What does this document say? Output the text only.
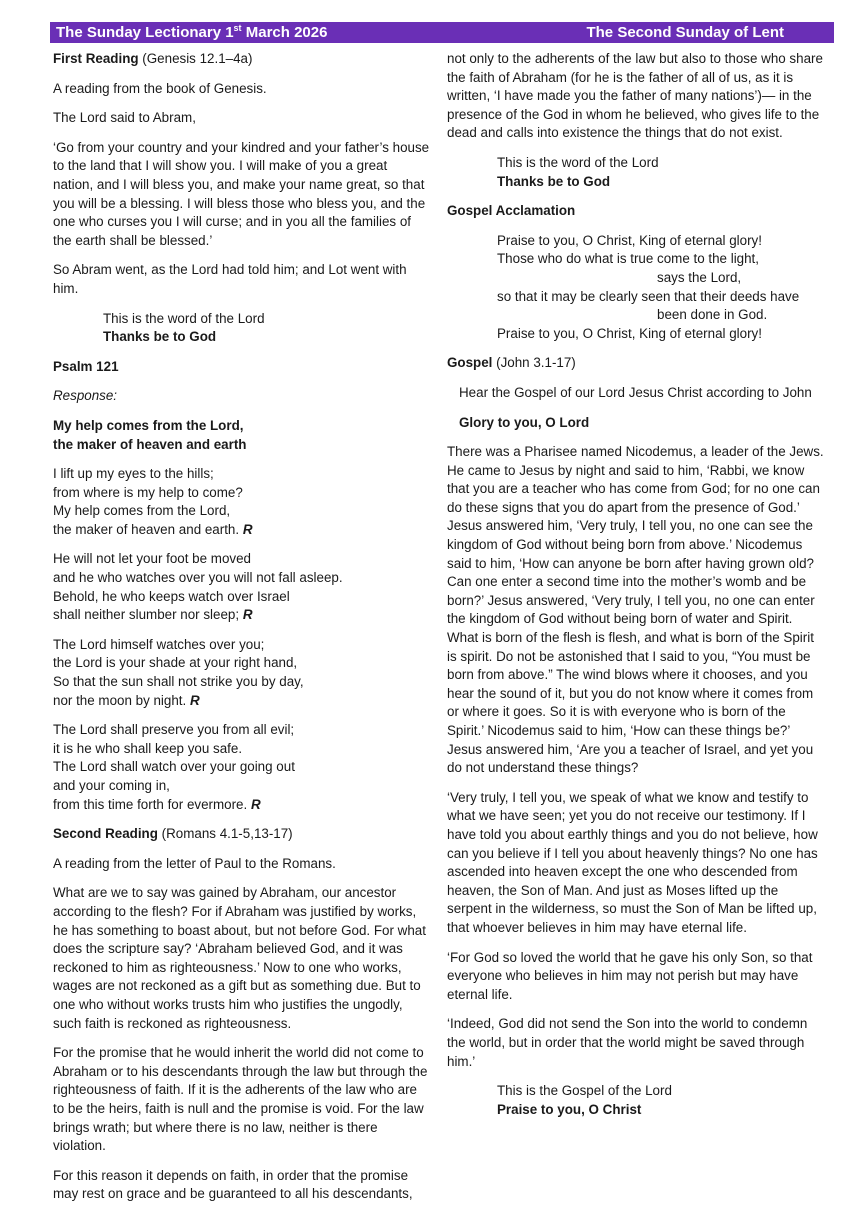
The Sunday Lectionary 1st March 2026	The Second Sunday of Lent

First Reading (Genesis 12.1–4a)

A reading from the book of Genesis.

The Lord said to Abram,

‘Go from your country and your kindred and your father’s house to the land that I will show you. I will make of you a great nation, and I will bless you, and make your name great, so that you will be a blessing. I will bless those who bless you, and the one who curses you I will curse; and in you all the families of the earth shall be blessed.’

So Abram went, as the Lord had told him; and Lot went with him.

This is the word of the Lord
Thanks be to God

Psalm 121

Response:

My help comes from the Lord,
the maker of heaven and earth

I lift up my eyes to the hills;
from where is my help to come?
My help comes from the Lord,
the maker of heaven and earth. R

He will not let your foot be moved
and he who watches over you will not fall asleep.
Behold, he who keeps watch over Israel
shall neither slumber nor sleep; R

The Lord himself watches over you;
the Lord is your shade at your right hand,
So that the sun shall not strike you by day,
nor the moon by night. R

The Lord shall preserve you from all evil;
it is he who shall keep you safe.
The Lord shall watch over your going out
and your coming in,
from this time forth for evermore. R

Second Reading (Romans 4.1-5,13-17)

A reading from the letter of Paul to the Romans.

What are we to say was gained by Abraham, our ancestor according to the flesh? For if Abraham was justified by works, he has something to boast about, but not before God. For what does the scripture say? ‘Abraham believed God, and it was reckoned to him as righteousness.’ Now to one who works, wages are not reckoned as a gift but as something due. But to one who without works trusts him who justifies the ungodly, such faith is reckoned as righteousness.

For the promise that he would inherit the world did not come to Abraham or to his descendants through the law but through the righteousness of faith. If it is the adherents of the law who are to be the heirs, faith is null and the promise is void. For the law brings wrath; but where there is no law, neither is there violation.

For this reason it depends on faith, in order that the promise may rest on grace and be guaranteed to all his descendants,

not only to the adherents of the law but also to those who share the faith of Abraham (for he is the father of all of us, as it is written, ‘I have made you the father of many nations’)— in the presence of the God in whom he believed, who gives life to the dead and calls into existence the things that do not exist.

This is the word of the Lord
Thanks be to God

Gospel Acclamation

Praise to you, O Christ, King of eternal glory!
Those who do what is true come to the light,
says the Lord,
so that it may be clearly seen that their deeds have
been done in God.
Praise to you, O Christ, King of eternal glory!

Gospel (John 3.1-17)

Hear the Gospel of our Lord Jesus Christ according to John

Glory to you, O Lord

There was a Pharisee named Nicodemus, a leader of the Jews. He came to Jesus by night and said to him, ‘Rabbi, we know that you are a teacher who has come from God; for no one can do these signs that you do apart from the presence of God.’ Jesus answered him, ‘Very truly, I tell you, no one can see the kingdom of God without being born from above.’ Nicodemus said to him, ‘How can anyone be born after having grown old? Can one enter a second time into the mother’s womb and be born?’ Jesus answered, ‘Very truly, I tell you, no one can enter the kingdom of God without being born of water and Spirit. What is born of the flesh is flesh, and what is born of the Spirit is spirit. Do not be astonished that I said to you, “You must be born from above.” The wind blows where it chooses, and you hear the sound of it, but you do not know where it comes from or where it goes. So it is with everyone who is born of the Spirit.’ Nicodemus said to him, ‘How can these things be?’ Jesus answered him, ‘Are you a teacher of Israel, and yet you do not understand these things?

‘Very truly, I tell you, we speak of what we know and testify to what we have seen; yet you do not receive our testimony. If I have told you about earthly things and you do not believe, how can you believe if I tell you about heavenly things? No one has ascended into heaven except the one who descended from heaven, the Son of Man. And just as Moses lifted up the serpent in the wilderness, so must the Son of Man be lifted up, that whoever believes in him may have eternal life.

‘For God so loved the world that he gave his only Son, so that everyone who believes in him may not perish but may have eternal life.

‘Indeed, God did not send the Son into the world to condemn the world, but in order that the world might be saved through him.’

This is the Gospel of the Lord
Praise to you, O Christ
